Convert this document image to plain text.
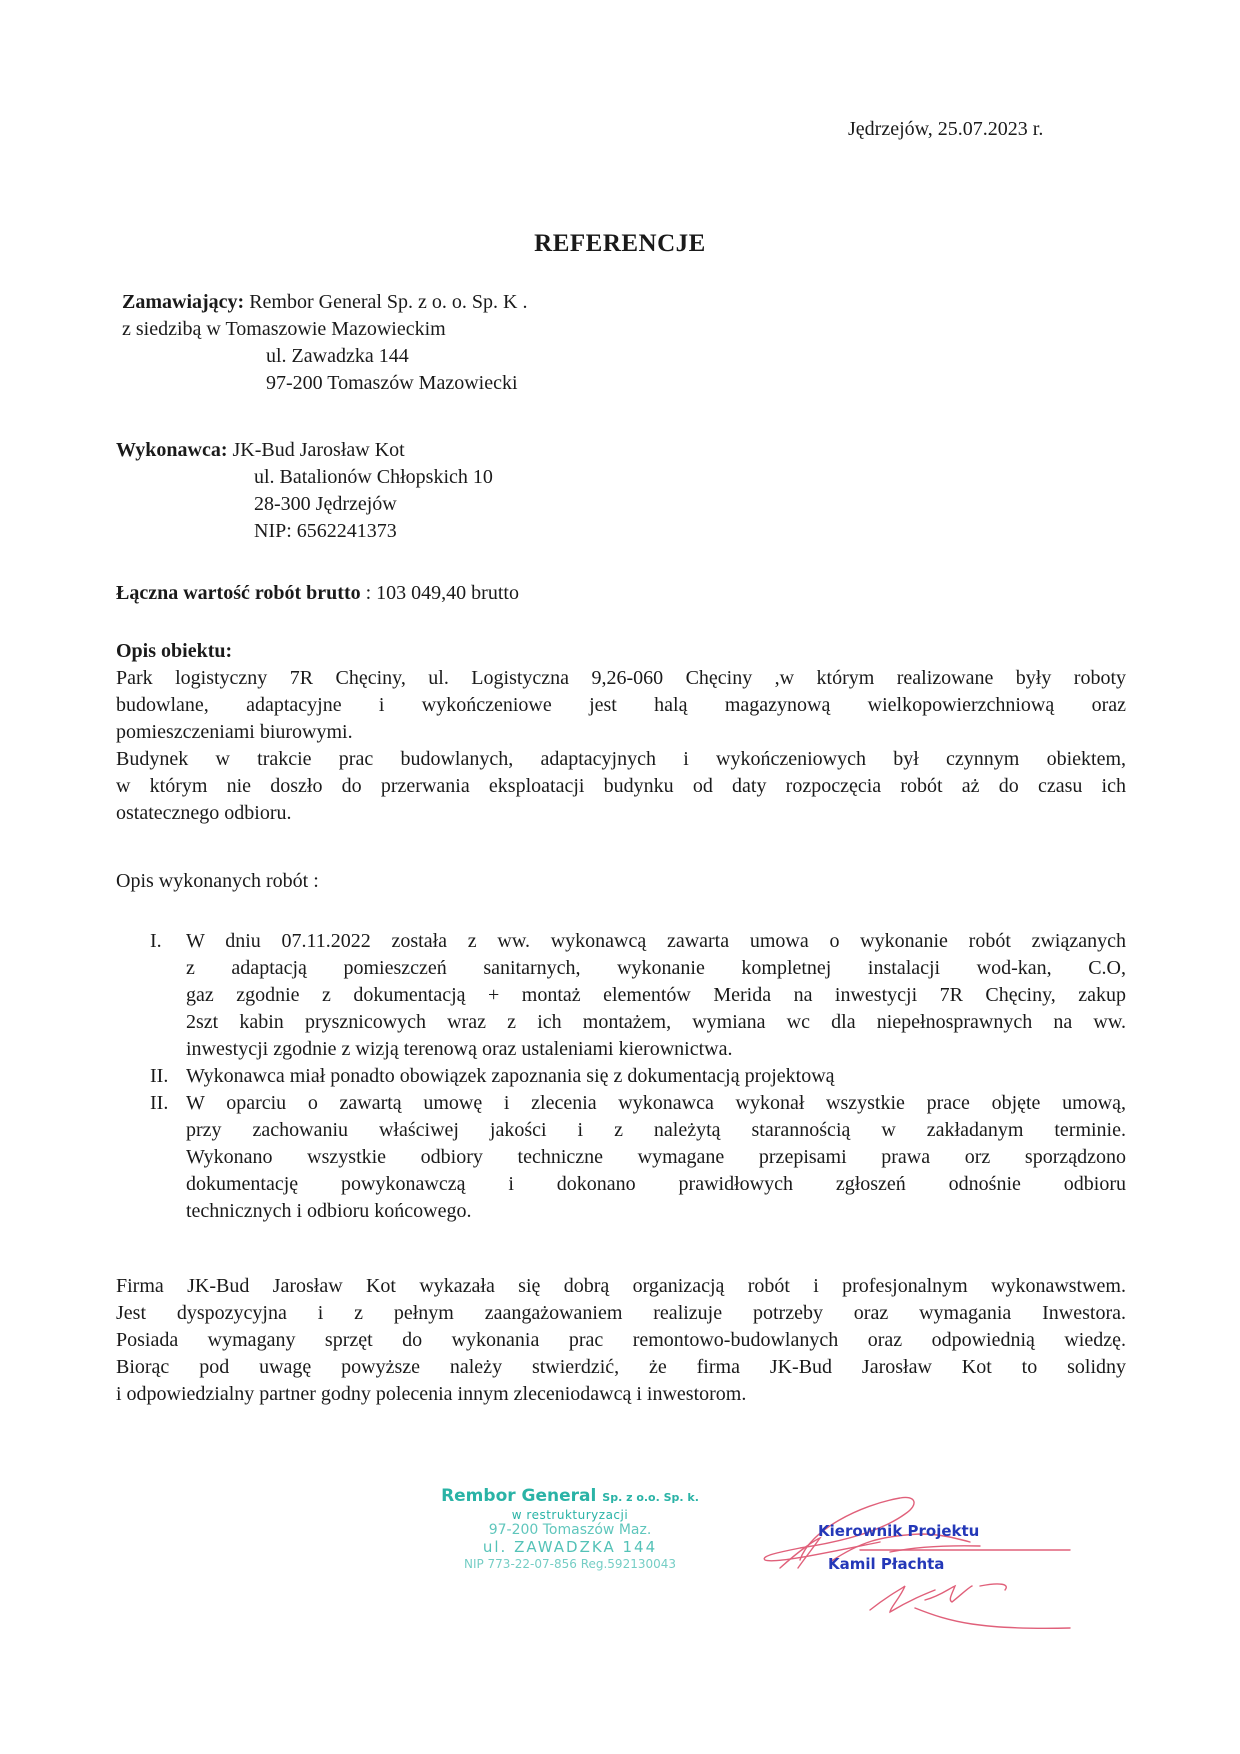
Jędrzejów, 25.07.2023 r.
REFERENCJE
Zamawiający: Rembor General Sp. z o. o. Sp. K .
z siedzibą w Tomaszowie Mazowieckim
ul. Zawadzka 144
97-200 Tomaszów Mazowiecki
Wykonawca: JK-Bud Jarosław Kot
ul. Batalionów Chłopskich 10
28-300 Jędrzejów
NIP: 6562241373
Łączna wartość robót brutto : 103 049,40 brutto
Opis obiektu:
Park logistyczny 7R Chęciny, ul. Logistyczna 9,26-060 Chęciny ,w którym realizowane były roboty
budowlane, adaptacyjne i wykończeniowe jest halą magazynową wielkopowierzchniową oraz
pomieszczeniami biurowymi.
Budynek w trakcie prac budowlanych, adaptacyjnych i wykończeniowych był czynnym obiektem,
w którym nie doszło do przerwania eksploatacji budynku od daty rozpoczęcia robót aż do czasu ich
ostatecznego odbioru.
Opis wykonanych robót :
I. W dniu 07.11.2022 została z ww. wykonawcą zawarta umowa o wykonanie robót związanych
z adaptacją pomieszczeń sanitarnych, wykonanie kompletnej instalacji wod-kan, C.O,
gaz zgodnie z dokumentacją + montaż elementów Merida na inwestycji 7R Chęciny, zakup
2szt kabin prysznicowych wraz z ich montażem, wymiana wc dla niepełnosprawnych na ww.
inwestycji zgodnie z wizją terenową oraz ustaleniami kierownictwa.
II. Wykonawca miał ponadto obowiązek zapoznania się z dokumentacją projektową
II. W oparciu o zawartą umowę i zlecenia wykonawca wykonał wszystkie prace objęte umową,
przy zachowaniu właściwej jakości i z należytą starannością w zakładanym terminie.
Wykonano wszystkie odbiory techniczne wymagane przepisami prawa orz sporządzono
dokumentację powykonawczą i dokonano prawidłowych zgłoszeń odnośnie odbioru
technicznych i odbioru końcowego.
Firma JK-Bud Jarosław Kot wykazała się dobrą organizacją robót i profesjonalnym wykonawstwem.
Jest dyspozycyjna i z pełnym zaangażowaniem realizuje potrzeby oraz wymagania Inwestora.
Posiada wymagany sprzęt do wykonania prac remontowo-budowlanych oraz odpowiednią wiedzę.
Biorąc pod uwagę powyższe należy stwierdzić, że firma JK-Bud Jarosław Kot to solidny
i odpowiedzialny partner godny polecenia innym zleceniodawcą i inwestorom.
Rembor General Sp. z o.o. Sp. k.
w restrukturyzacji
97-200 Tomaszów Maz.
ul. ZAWADZKA 144
NIP 773-22-07-856 Reg.592130043
Kierownik Projektu
Kamil Płachta
